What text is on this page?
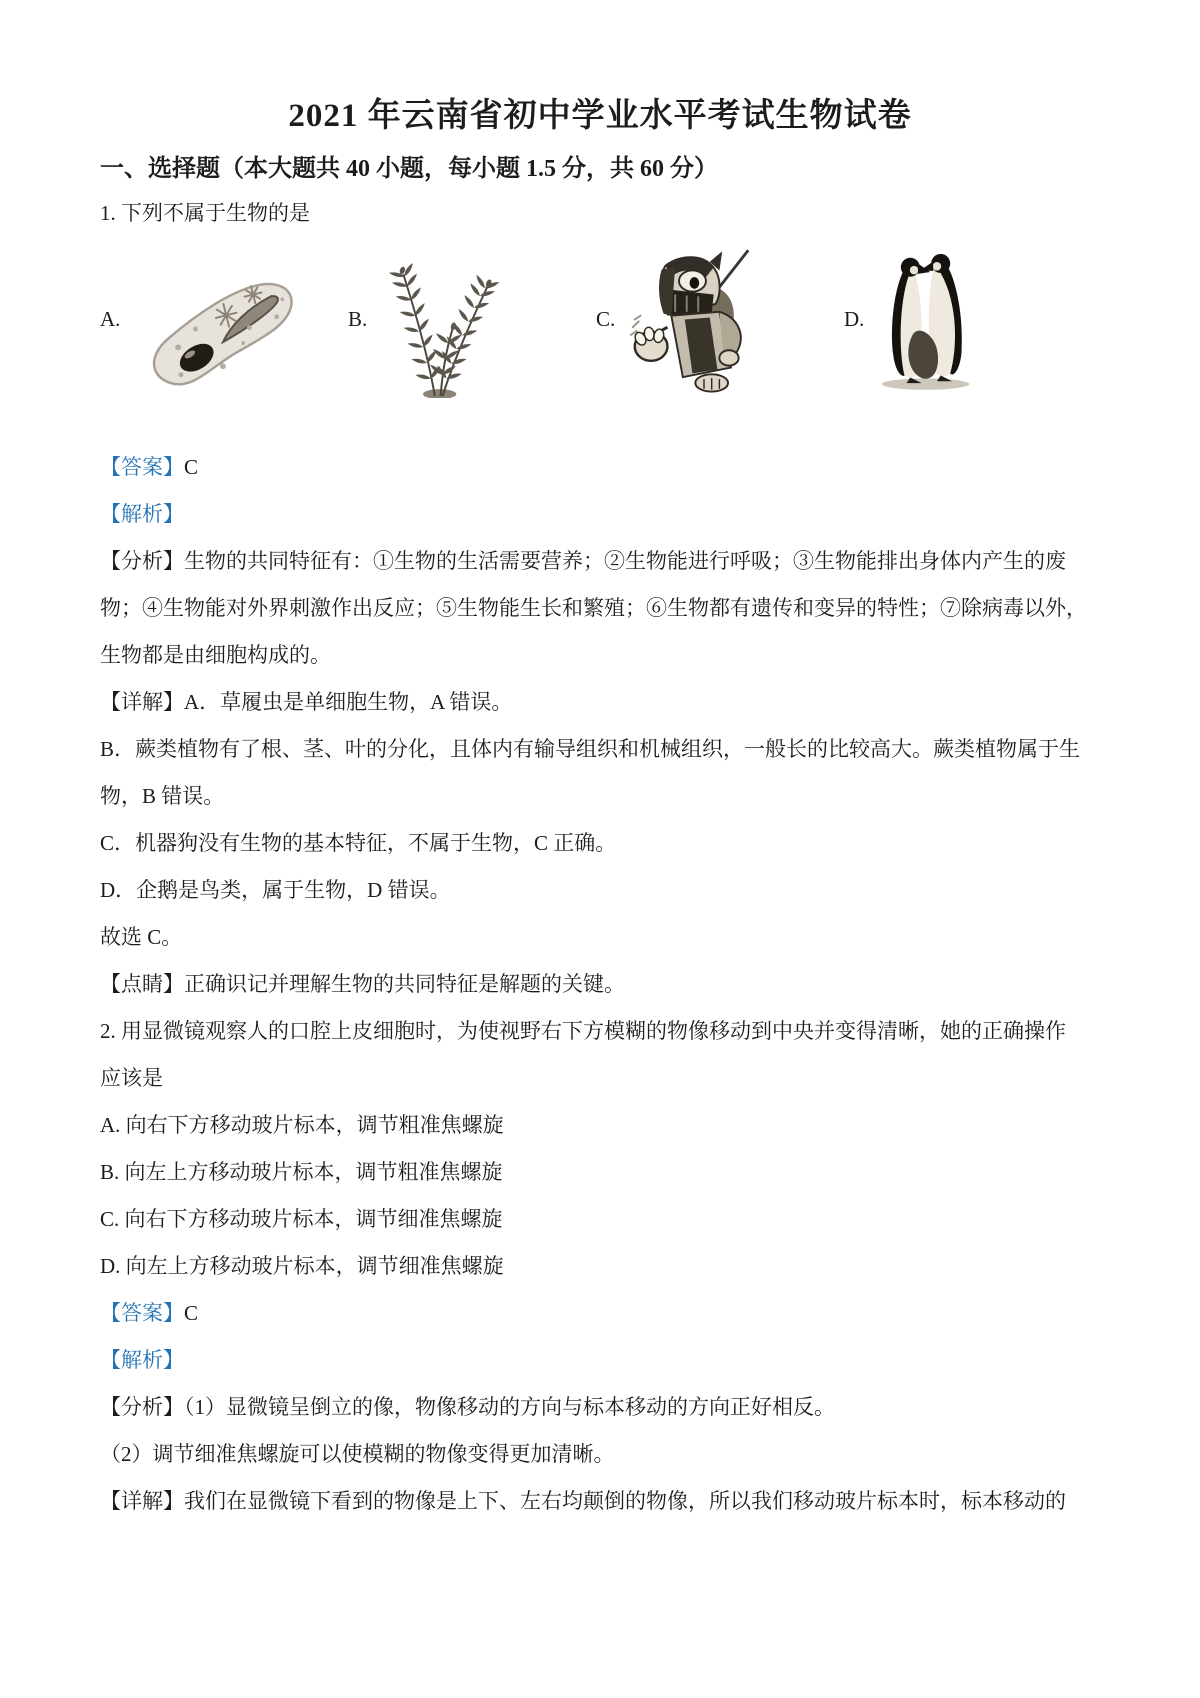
2021 年云南省初中学业水平考试生物试卷
一、选择题（本大题共 40 小题，每小题 1.5 分，共 60 分）

1. 下列不属于生物的是

A.	B.	C.	D.

【答案】C

【解析】

【分析】生物的共同特征有：①生物的生活需要营养；②生物能进行呼吸；③生物能排出身体内产生的废

物；④生物能对外界刺激作出反应；⑤生物能生长和繁殖；⑥生物都有遗传和变异的特性；⑦除病毒以外，

生物都是由细胞构成的。

【详解】A．草履虫是单细胞生物，A 错误。

B．蕨类植物有了根、茎、叶的分化，且体内有输导组织和机械组织，一般长的比较高大。蕨类植物属于生

物，B 错误。

C．机器狗没有生物的基本特征，不属于生物，C 正确。

D．企鹅是鸟类，属于生物，D 错误。

故选 C。

【点睛】正确识记并理解生物的共同特征是解题的关键。

2. 用显微镜观察人的口腔上皮细胞时，为使视野右下方模糊的物像移动到中央并变得清晰，她的正确操作

应该是

A. 向右下方移动玻片标本，调节粗准焦螺旋

B. 向左上方移动玻片标本，调节粗准焦螺旋

C. 向右下方移动玻片标本，调节细准焦螺旋

D. 向左上方移动玻片标本，调节细准焦螺旋

【答案】C

【解析】

【分析】（1）显微镜呈倒立的像，物像移动的方向与标本移动的方向正好相反。

（2）调节细准焦螺旋可以使模糊的物像变得更加清晰。

【详解】我们在显微镜下看到的物像是上下、左右均颠倒的物像，所以我们移动玻片标本时，标本移动的
